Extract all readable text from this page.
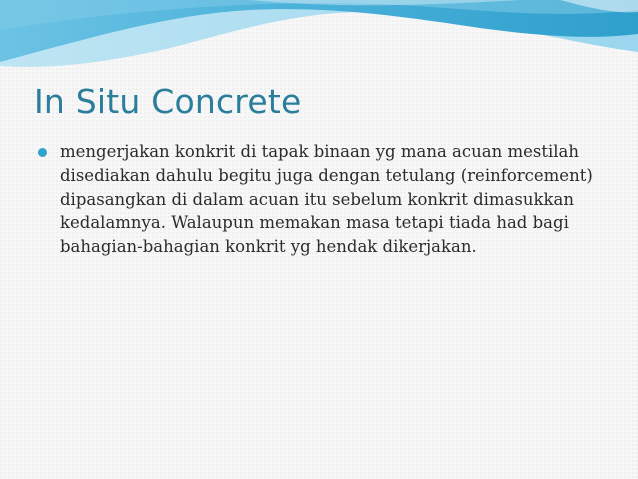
In Situ Concrete
mengerjakan konkrit di tapak binaan yg mana acuan mestilah disediakan dahulu begitu juga dengan tetulang (reinforcement) dipasangkan di dalam acuan itu sebelum konkrit dimasukkan kedalamnya. Walaupun memakan masa tetapi tiada had bagi bahagian-bahagian konkrit yg hendak dikerjakan.
